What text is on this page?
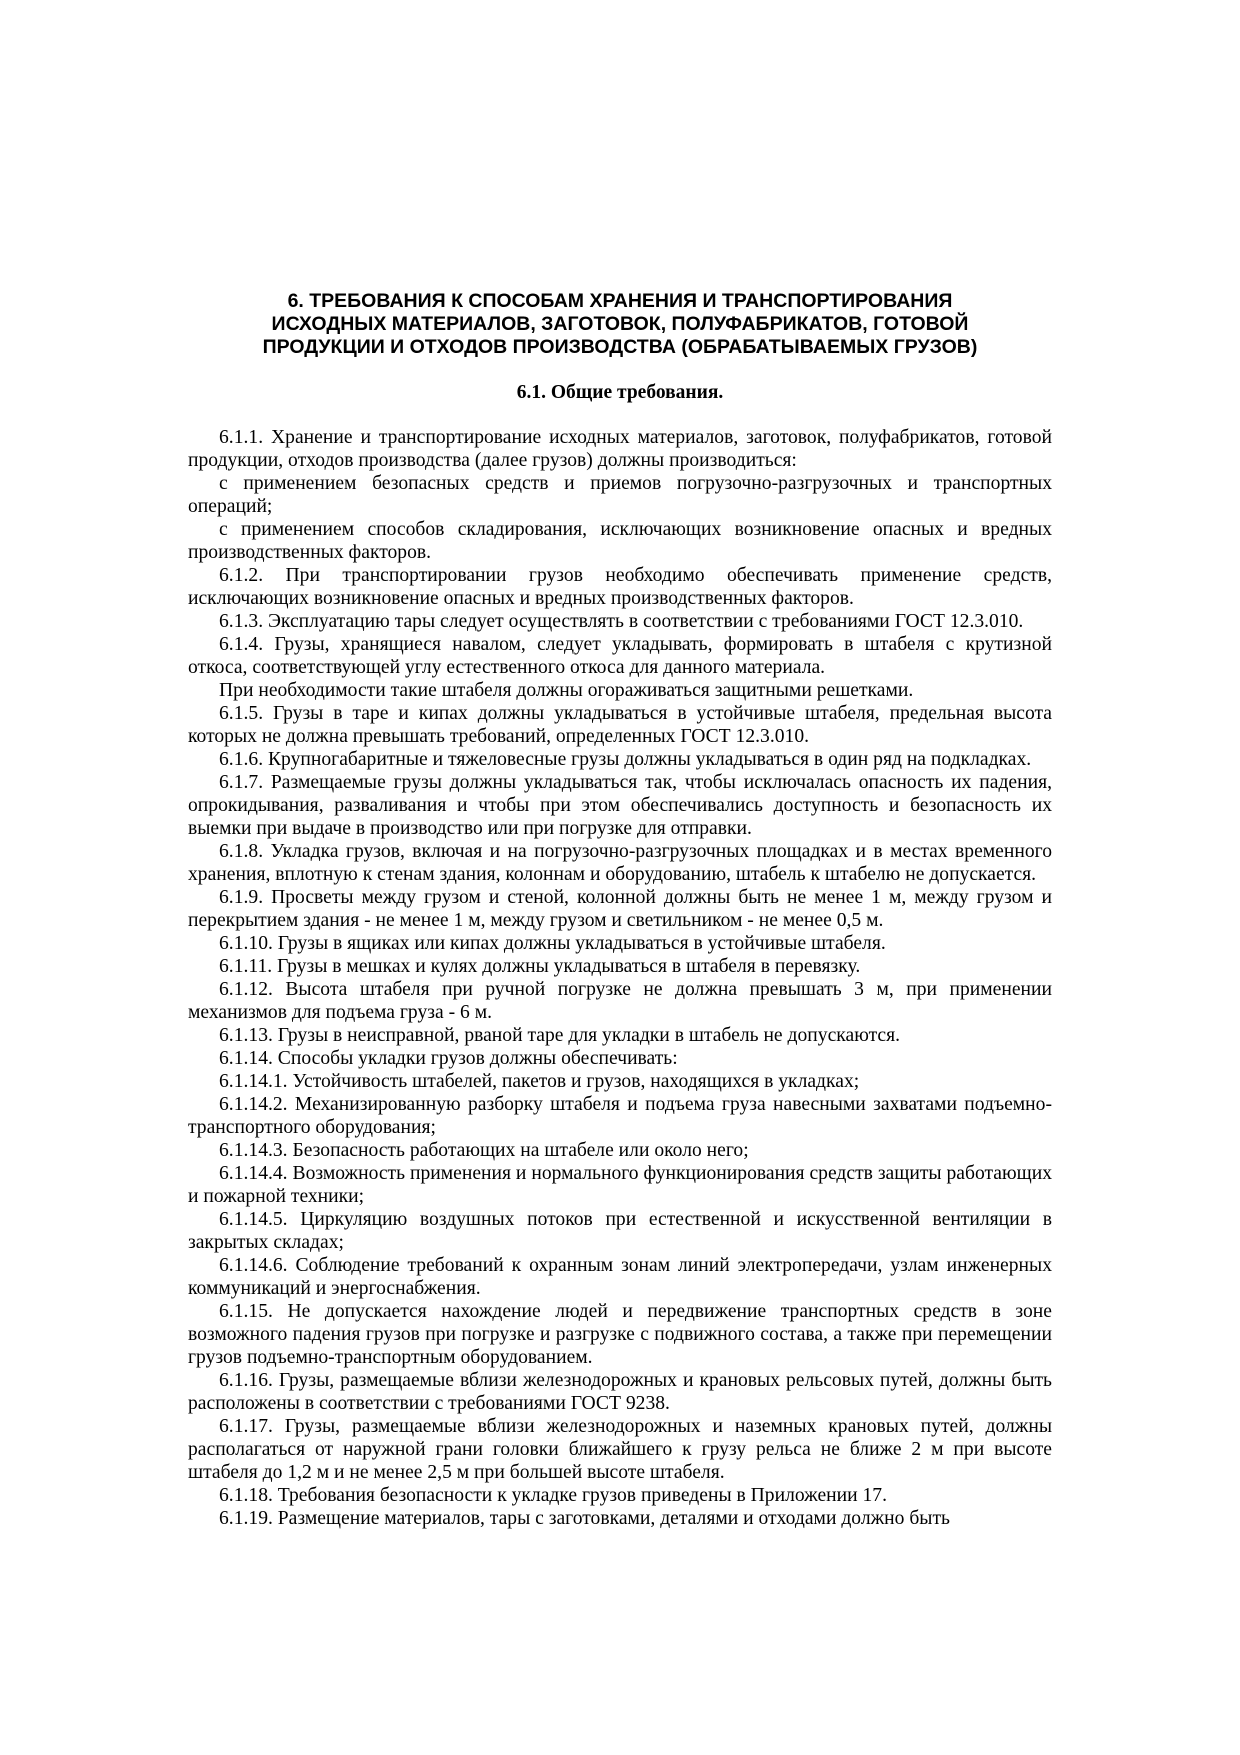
6. ТРЕБОВАНИЯ К СПОСОБАМ ХРАНЕНИЯ И ТРАНСПОРТИРОВАНИЯ
ИСХОДНЫХ МАТЕРИАЛОВ, ЗАГОТОВОК, ПОЛУФАБРИКАТОВ, ГОТОВОЙ
ПРОДУКЦИИ И ОТХОДОВ ПРОИЗВОДСТВА (ОБРАБАТЫВАЕМЫХ ГРУЗОВ)
6.1. Общие требования.

6.1.1. Хранение и транспортирование исходных материалов, заготовок, полуфабрикатов, готовой продукции, отходов производства (далее грузов) должны производиться:

с применением безопасных средств и приемов погрузочно-разгрузочных и транспортных операций;

с применением способов складирования, исключающих возникновение опасных и вредных производственных факторов.

6.1.2. При транспортировании грузов необходимо обеспечивать применение средств, исключающих возникновение опасных и вредных производственных факторов.

6.1.3. Эксплуатацию тары следует осуществлять в соответствии с требованиями ГОСТ 12.3.010.

6.1.4. Грузы, хранящиеся навалом, следует укладывать, формировать в штабеля с крутизной откоса, соответствующей углу естественного откоса для данного материала.

При необходимости такие штабеля должны огораживаться защитными решетками.

6.1.5. Грузы в таре и кипах должны укладываться в устойчивые штабеля, предельная высота которых не должна превышать требований, определенных ГОСТ 12.3.010.

6.1.6. Крупногабаритные и тяжеловесные грузы должны укладываться в один ряд на подкладках.

6.1.7. Размещаемые грузы должны укладываться так, чтобы исключалась опасность их падения, опрокидывания, разваливания и чтобы при этом обеспечивались доступность и безопасность их выемки при выдаче в производство или при погрузке для отправки.

6.1.8. Укладка грузов, включая и на погрузочно-разгрузочных площадках и в местах временного хранения, вплотную к стенам здания, колоннам и оборудованию, штабель к штабелю не допускается.

6.1.9. Просветы между грузом и стеной, колонной должны быть не менее 1 м, между грузом и перекрытием здания - не менее 1 м, между грузом и светильником - не менее 0,5 м.

6.1.10. Грузы в ящиках или кипах должны укладываться в устойчивые штабеля.

6.1.11. Грузы в мешках и кулях должны укладываться в штабеля в перевязку.

6.1.12. Высота штабеля при ручной погрузке не должна превышать 3 м, при применении механизмов для подъема груза - 6 м.

6.1.13. Грузы в неисправной, рваной таре для укладки в штабель не допускаются.

6.1.14. Способы укладки грузов должны обеспечивать:

6.1.14.1. Устойчивость штабелей, пакетов и грузов, находящихся в укладках;

6.1.14.2. Механизированную разборку штабеля и подъема груза навесными захватами подъемно-транспортного оборудования;

6.1.14.3. Безопасность работающих на штабеле или около него;

6.1.14.4. Возможность применения и нормального функционирования средств защиты работающих и пожарной техники;

6.1.14.5. Циркуляцию воздушных потоков при естественной и искусственной вентиляции в закрытых складах;

6.1.14.6. Соблюдение требований к охранным зонам линий электропередачи, узлам инженерных коммуникаций и энергоснабжения.

6.1.15. Не допускается нахождение людей и передвижение транспортных средств в зоне возможного падения грузов при погрузке и разгрузке с подвижного состава, а также при перемещении грузов подъемно-транспортным оборудованием.

6.1.16. Грузы, размещаемые вблизи железнодорожных и крановых рельсовых путей, должны быть расположены в соответствии с требованиями ГОСТ 9238.

6.1.17. Грузы, размещаемые вблизи железнодорожных и наземных крановых путей, должны располагаться от наружной грани головки ближайшего к грузу рельса не ближе 2 м при высоте штабеля до 1,2 м и не менее 2,5 м при большей высоте штабеля.

6.1.18. Требования безопасности к укладке грузов приведены в Приложении 17.

6.1.19. Размещение материалов, тары с заготовками, деталями и отходами должно быть
